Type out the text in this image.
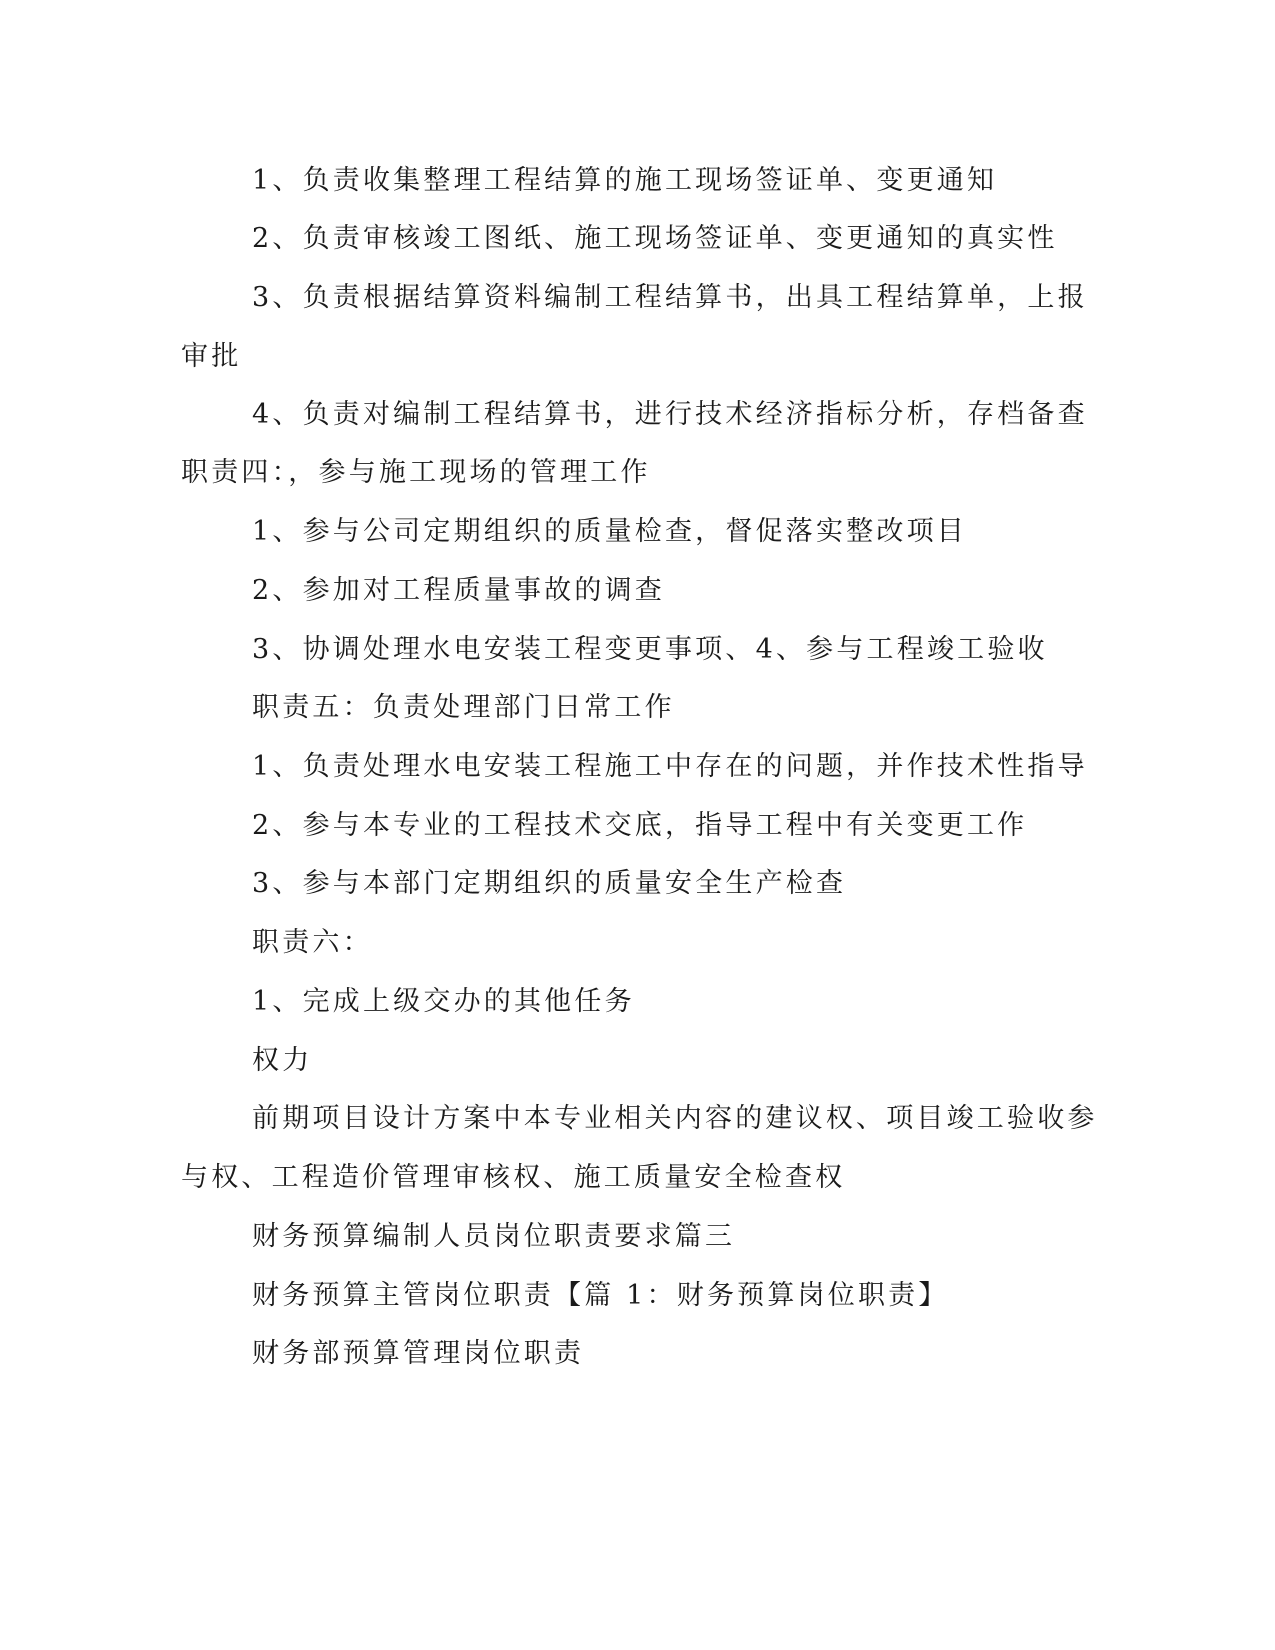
1、负责收集整理工程结算的施工现场签证单、变更通知
2、负责审核竣工图纸、施工现场签证单、变更通知的真实性
3、负责根据结算资料编制工程结算书，出具工程结算单，上报
审批
4、负责对编制工程结算书，进行技术经济指标分析，存档备查
职责四：，参与施工现场的管理工作
1、参与公司定期组织的质量检查，督促落实整改项目
2、参加对工程质量事故的调查
3、协调处理水电安装工程变更事项、4、参与工程竣工验收
职责五：负责处理部门日常工作
1、负责处理水电安装工程施工中存在的问题，并作技术性指导
2、参与本专业的工程技术交底，指导工程中有关变更工作
3、参与本部门定期组织的质量安全生产检查
职责六：
1、完成上级交办的其他任务
权力
前期项目设计方案中本专业相关内容的建议权、项目竣工验收参
与权、工程造价管理审核权、施工质量安全检查权
财务预算编制人员岗位职责要求篇三
财务预算主管岗位职责【篇 1：财务预算岗位职责】
财务部预算管理岗位职责
